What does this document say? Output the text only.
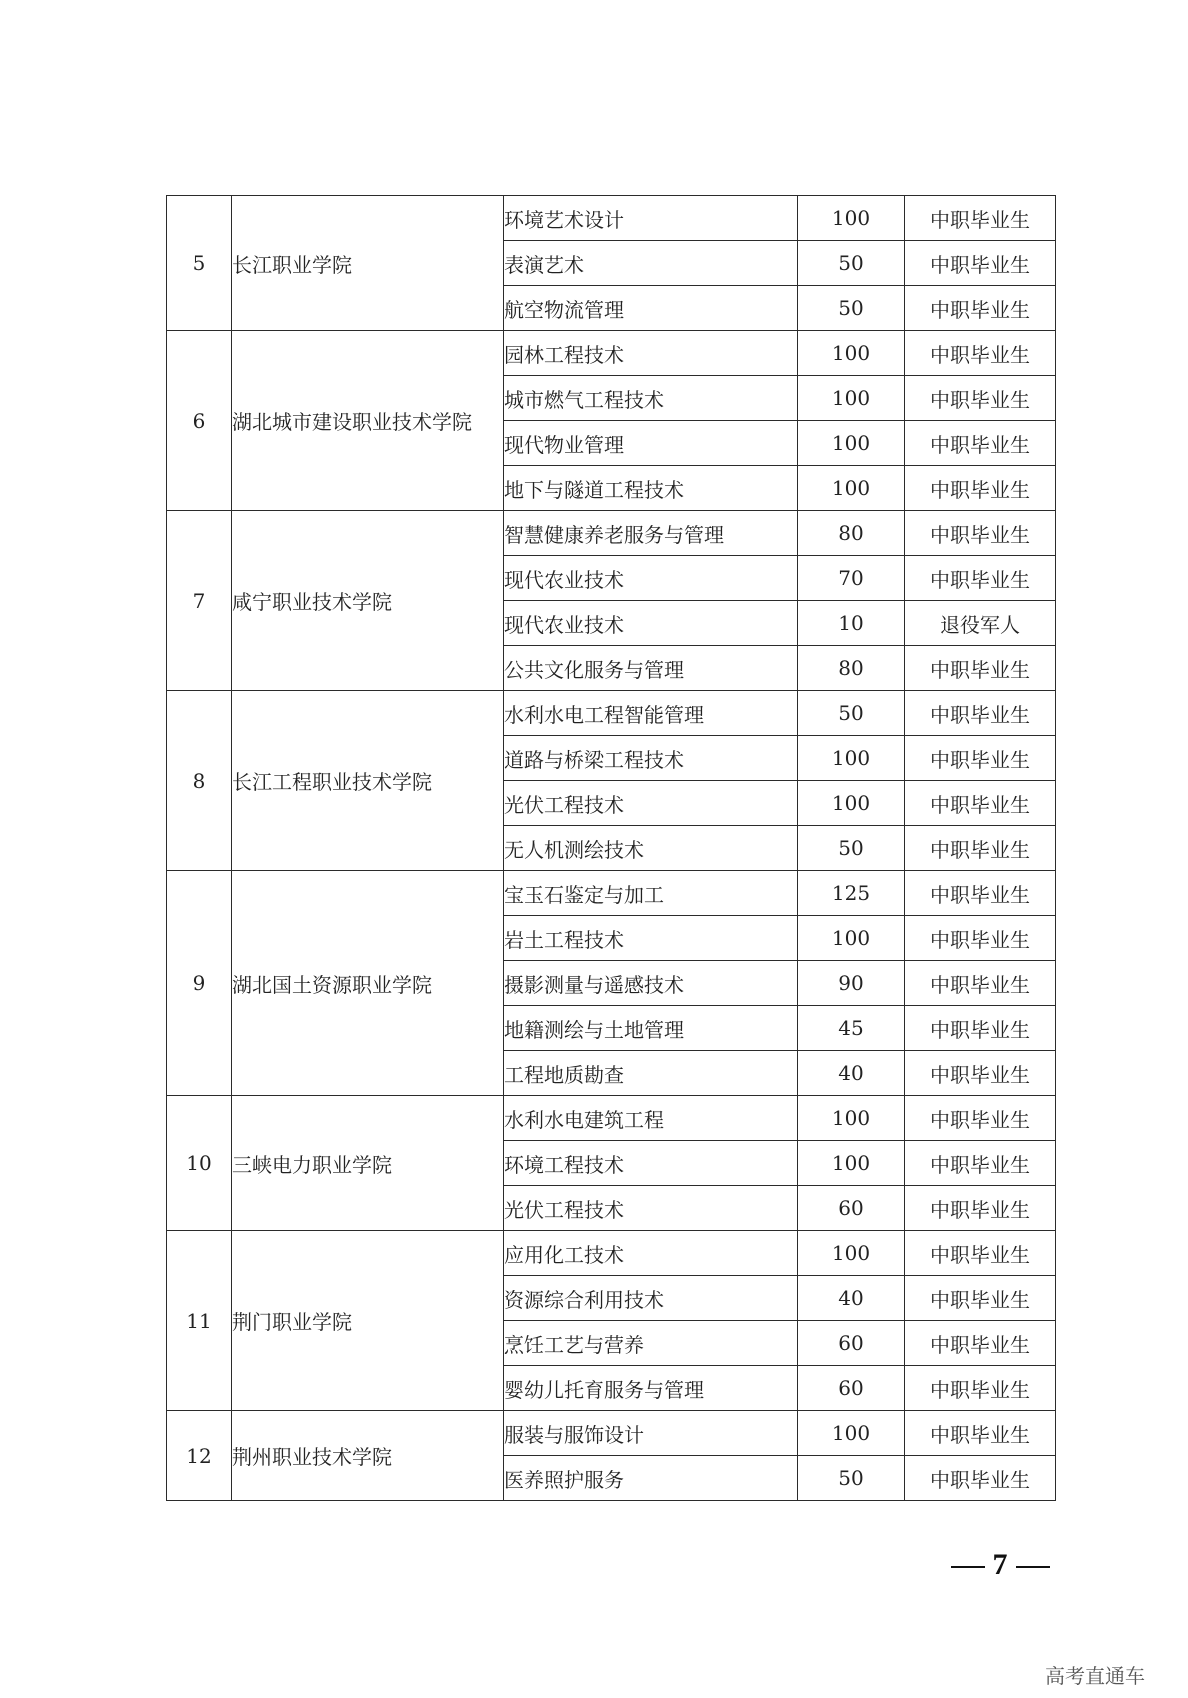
5	长江职业学院	环境艺术设计	100	中职毕业生
		表演艺术	50	中职毕业生
		航空物流管理	50	中职毕业生
6	湖北城市建设职业技术学院	园林工程技术	100	中职毕业生
		城市燃气工程技术	100	中职毕业生
		现代物业管理	100	中职毕业生
		地下与隧道工程技术	100	中职毕业生
7	咸宁职业技术学院	智慧健康养老服务与管理	80	中职毕业生
		现代农业技术	70	中职毕业生
		现代农业技术	10	退役军人
		公共文化服务与管理	80	中职毕业生
8	长江工程职业技术学院	水利水电工程智能管理	50	中职毕业生
		道路与桥梁工程技术	100	中职毕业生
		光伏工程技术	100	中职毕业生
		无人机测绘技术	50	中职毕业生
9	湖北国土资源职业学院	宝玉石鉴定与加工	125	中职毕业生
		岩土工程技术	100	中职毕业生
		摄影测量与遥感技术	90	中职毕业生
		地籍测绘与土地管理	45	中职毕业生
		工程地质勘查	40	中职毕业生
10	三峡电力职业学院	水利水电建筑工程	100	中职毕业生
		环境工程技术	100	中职毕业生
		光伏工程技术	60	中职毕业生
11	荆门职业学院	应用化工技术	100	中职毕业生
		资源综合利用技术	40	中职毕业生
		烹饪工艺与营养	60	中职毕业生
		婴幼儿托育服务与管理	60	中职毕业生
12	荆州职业技术学院	服装与服饰设计	100	中职毕业生
		医养照护服务	50	中职毕业生
7
高考直通车
